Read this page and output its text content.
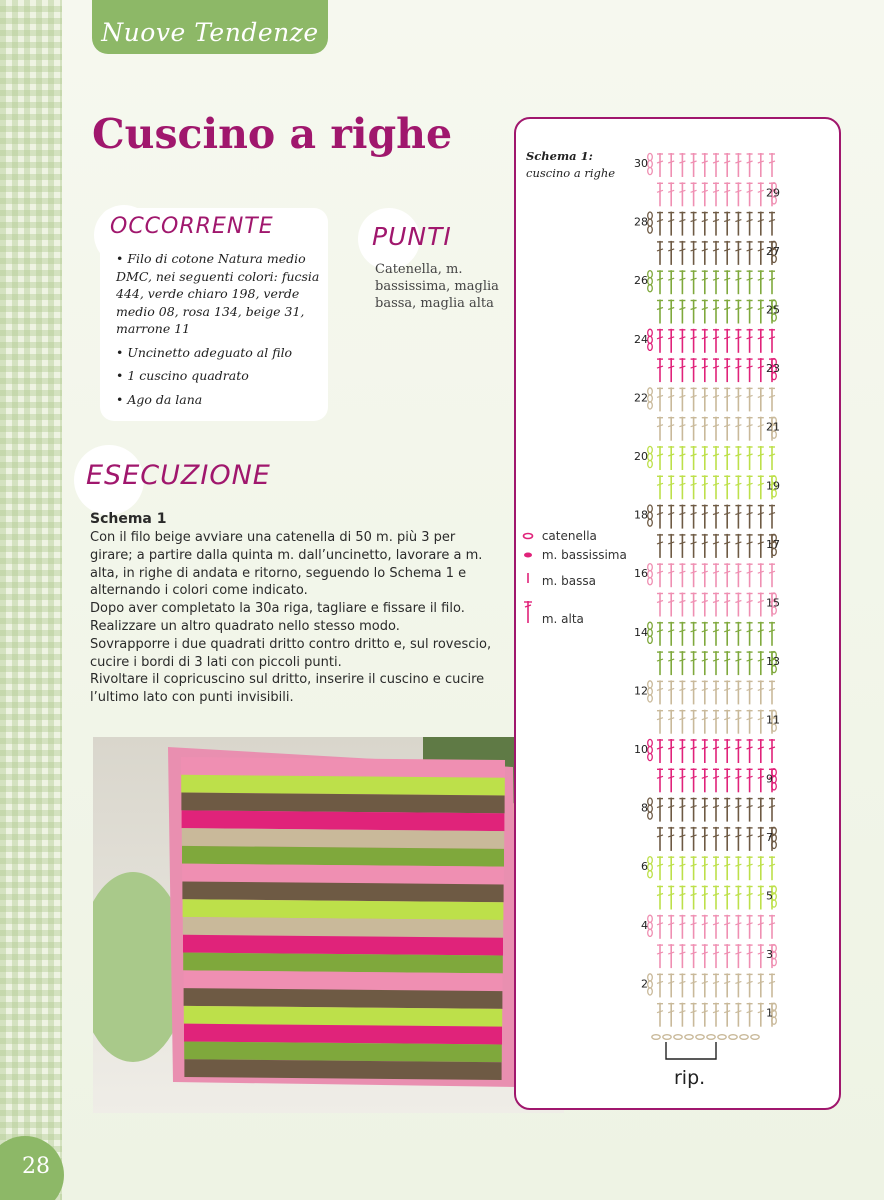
Nuove Tendenze
Cuscino a righe
OCCORRENTE
• Filo di cotone Natura medio DMC, nei seguenti colori: fucsia 444, verde chiaro 198, verde medio 08, rosa 134, beige 31, marrone 11
• Uncinetto adeguato al filo
• 1 cuscino quadrato
• Ago da lana
PUNTI
Catenella, m. bassissima, maglia bassa, maglia alta
ESECUZIONE
Schema 1

Con il filo beige avviare una catenella di 50 m. più 3 per girare; a partire dalla quinta m. dall’uncinetto, lavorare a m. alta, in righe di andata e ritorno, seguendo lo Schema 1 e alternando i colori come indicato.

Dopo aver completato la 30a riga, tagliare e fissare il filo. Realizzare un altro quadrato nello stesso modo.

Sovrapporre i due quadrati dritto contro dritto e, sul rovescio, cucire i bordi di 3 lati con piccoli punti.

Rivoltare il copricuscino sul dritto, inserire il cuscino e cucire l’ultimo lato con punti invisibili.

Schema 1:
cuscino a righe
catenella
m. bassissima
m. bassa
m. alta
1
2
3
4
5
6
7
8
9
10
11
12
13
14
15
16
17
18
19
20
21
22
23
24
25
26
27
28
29
30
rip.
28
